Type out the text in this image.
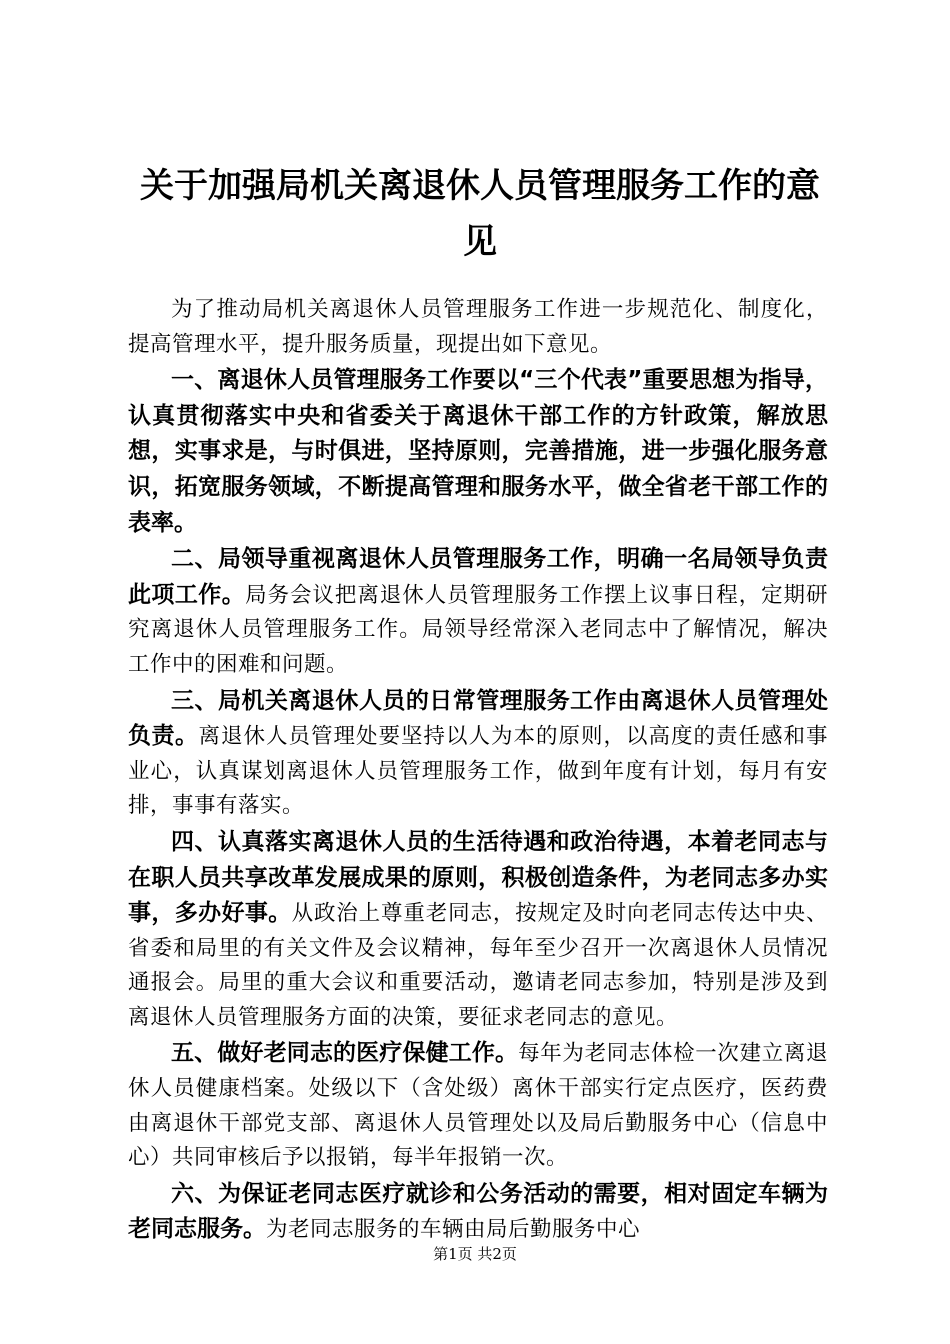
关于加强局机关离退休人员管理服务工作的意
见

为了推动局机关离退休人员管理服务工作进一步规范化、制度化，提高管理水平，提升服务质量，现提出如下意见。

一、离退休人员管理服务工作要以“三个代表”重要思想为指导，认真贯彻落实中央和省委关于离退休干部工作的方针政策，解放思想，实事求是，与时俱进，坚持原则，完善措施，进一步强化服务意识，拓宽服务领域，不断提高管理和服务水平，做全省老干部工作的表率。

二、局领导重视离退休人员管理服务工作，明确一名局领导负责此项工作。局务会议把离退休人员管理服务工作摆上议事日程，定期研究离退休人员管理服务工作。局领导经常深入老同志中了解情况，解决工作中的困难和问题。

三、局机关离退休人员的日常管理服务工作由离退休人员管理处负责。离退休人员管理处要坚持以人为本的原则，以高度的责任感和事业心，认真谋划离退休人员管理服务工作，做到年度有计划，每月有安排，事事有落实。

四、认真落实离退休人员的生活待遇和政治待遇，本着老同志与在职人员共享改革发展成果的原则，积极创造条件，为老同志多办实事，多办好事。从政治上尊重老同志，按规定及时向老同志传达中央、省委和局里的有关文件及会议精神，每年至少召开一次离退休人员情况通报会。局里的重大会议和重要活动，邀请老同志参加，特别是涉及到离退休人员管理服务方面的决策，要征求老同志的意见。

五、做好老同志的医疗保健工作。每年为老同志体检一次建立离退休人员健康档案。处级以下（含处级）离休干部实行定点医疗，医药费由离退休干部党支部、离退休人员管理处以及局后勤服务中心（信息中心）共同审核后予以报销，每半年报销一次。

六、为保证老同志医疗就诊和公务活动的需要，相对固定车辆为老同志服务。为老同志服务的车辆由局后勤服务中心

第1页 共2页
